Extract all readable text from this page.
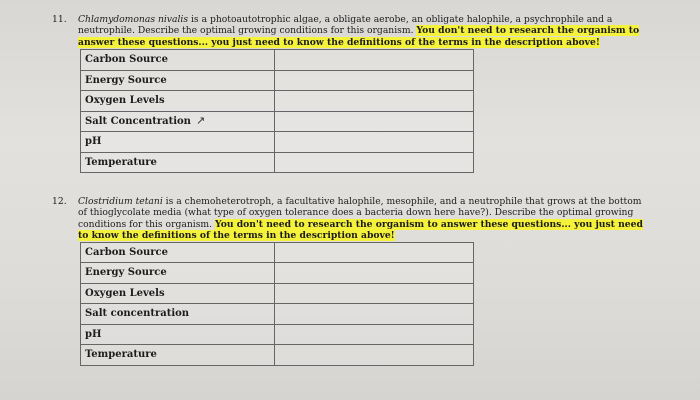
11. Chlamydomonas nivalis is a photoautotrophic algae, a obligate aerobe, an obligate halophile, a psychrophile and a neutrophile. Describe the optimal growing conditions for this organism. You don't need to research the organism to answer these questions... you just need to know the definitions of the terms in the description above!
Carbon Source	
Energy Source	
Oxygen Levels	
Salt Concentration	
pH	
Temperature	
↗
12. Clostridium tetani is a chemoheterotroph, a facultative halophile, mesophile, and a neutrophile that grows at the bottom of thioglycolate media (what type of oxygen tolerance does a bacteria down here have?). Describe the optimal growing conditions for this organism. You don't need to research the organism to answer these questions... you just need to know the definitions of the terms in the description above!
Carbon Source	
Energy Source	
Oxygen Levels	
Salt concentration	
pH	
Temperature	
